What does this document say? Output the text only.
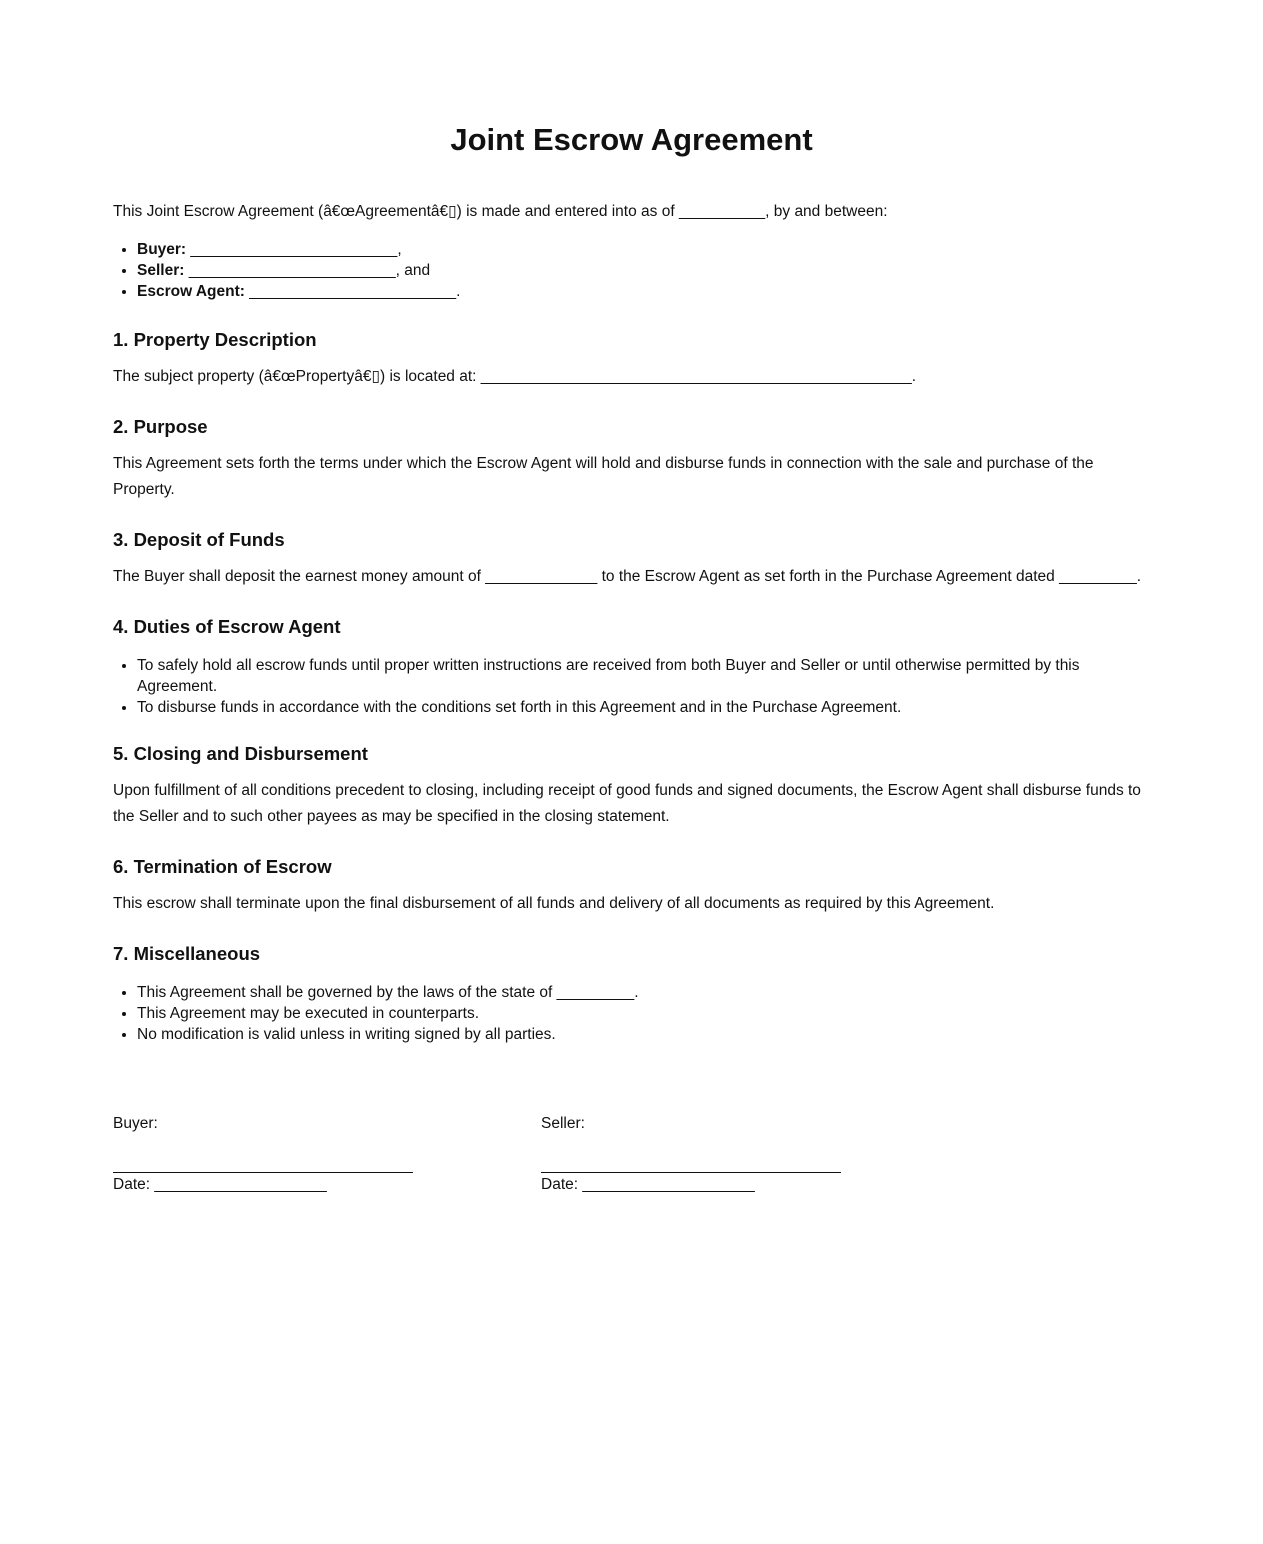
Joint Escrow Agreement

This Joint Escrow Agreement (â€œAgreementâ€▯) is made and entered into as of __________, by and between:

• Buyer: ________________________,
• Seller: ________________________, and
• Escrow Agent: ________________________.
1. Property Description

The subject property (â€œPropertyâ€▯) is located at: __________________________________________________.

2. Purpose

This Agreement sets forth the terms under which the Escrow Agent will hold and disburse funds in connection with the sale and purchase of the Property.

3. Deposit of Funds

The Buyer shall deposit the earnest money amount of _____________ to the Escrow Agent as set forth in the Purchase Agreement dated _________.

4. Duties of Escrow Agent
• To safely hold all escrow funds until proper written instructions are received from both Buyer and Seller or until otherwise permitted by this Agreement.
• To disburse funds in accordance with the conditions set forth in this Agreement and in the Purchase Agreement.
5. Closing and Disbursement

Upon fulfillment of all conditions precedent to closing, including receipt of good funds and signed documents, the Escrow Agent shall disburse funds to the Seller and to such other payees as may be specified in the closing statement.

6. Termination of Escrow

This escrow shall terminate upon the final disbursement of all funds and delivery of all documents as required by this Agreement.

7. Miscellaneous
• This Agreement shall be governed by the laws of the state of _________.
• This Agreement may be executed in counterparts.
• No modification is valid unless in writing signed by all parties.
Buyer:
Date: ____________________
Seller:
Date: ____________________
